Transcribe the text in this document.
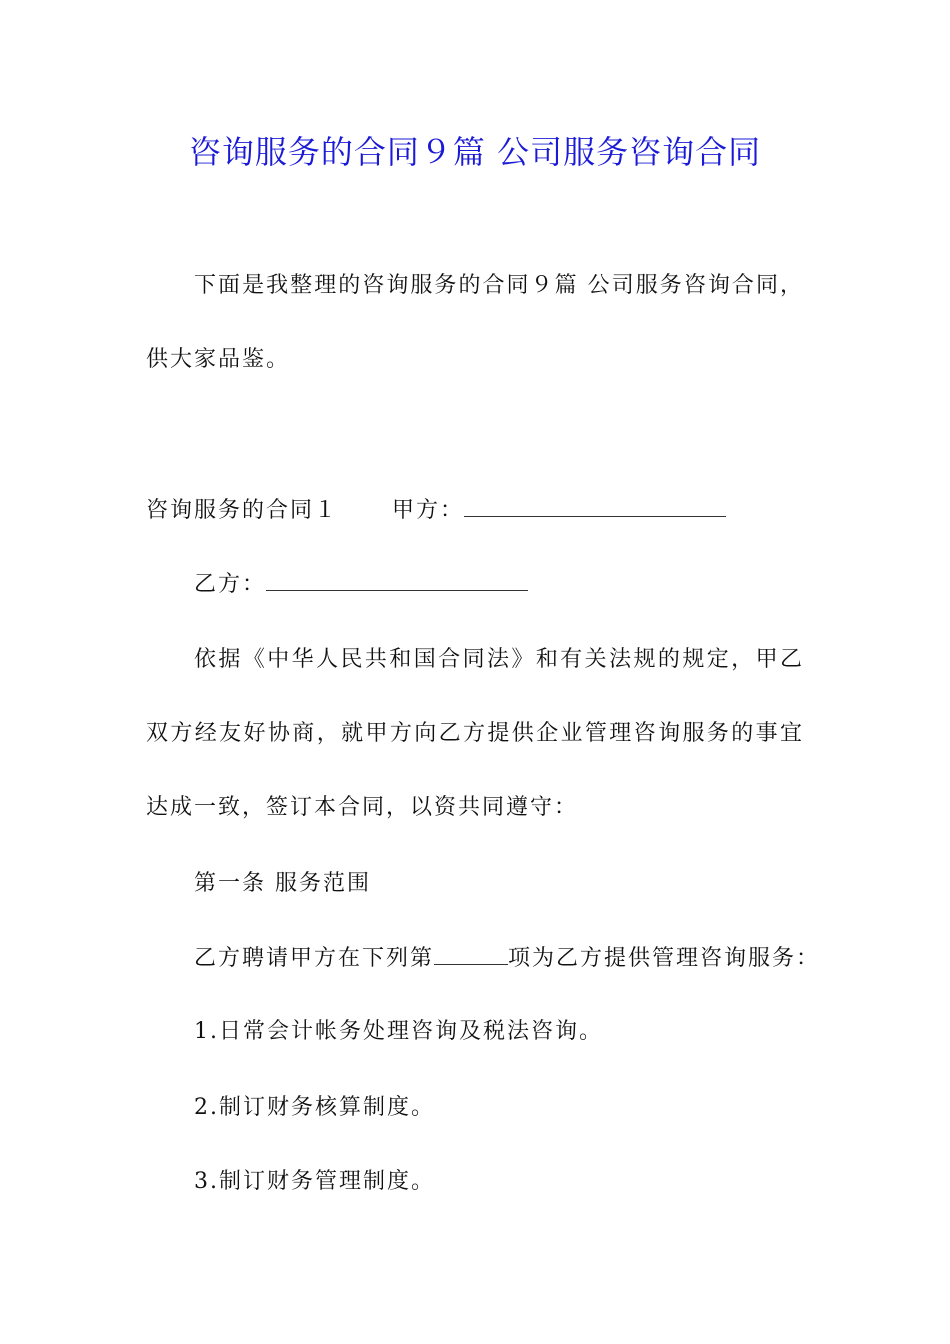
咨询服务的合同９篇 公司服务咨询合同
下面是我整理的咨询服务的合同９篇 公司服务咨询合同，
供大家品鉴。
咨询服务的合同１ 甲方：
乙方：
依据《中华人民共和国合同法》和有关法规的规定，甲乙
双方经友好协商，就甲方向乙方提供企业管理咨询服务的事宜
达成一致，签订本合同，以资共同遵守：
第一条 服务范围
乙方聘请甲方在下列第	项为乙方提供管理咨询服务：
1.日常会计帐务处理咨询及税法咨询。
2.制订财务核算制度。
3.制订财务管理制度。
